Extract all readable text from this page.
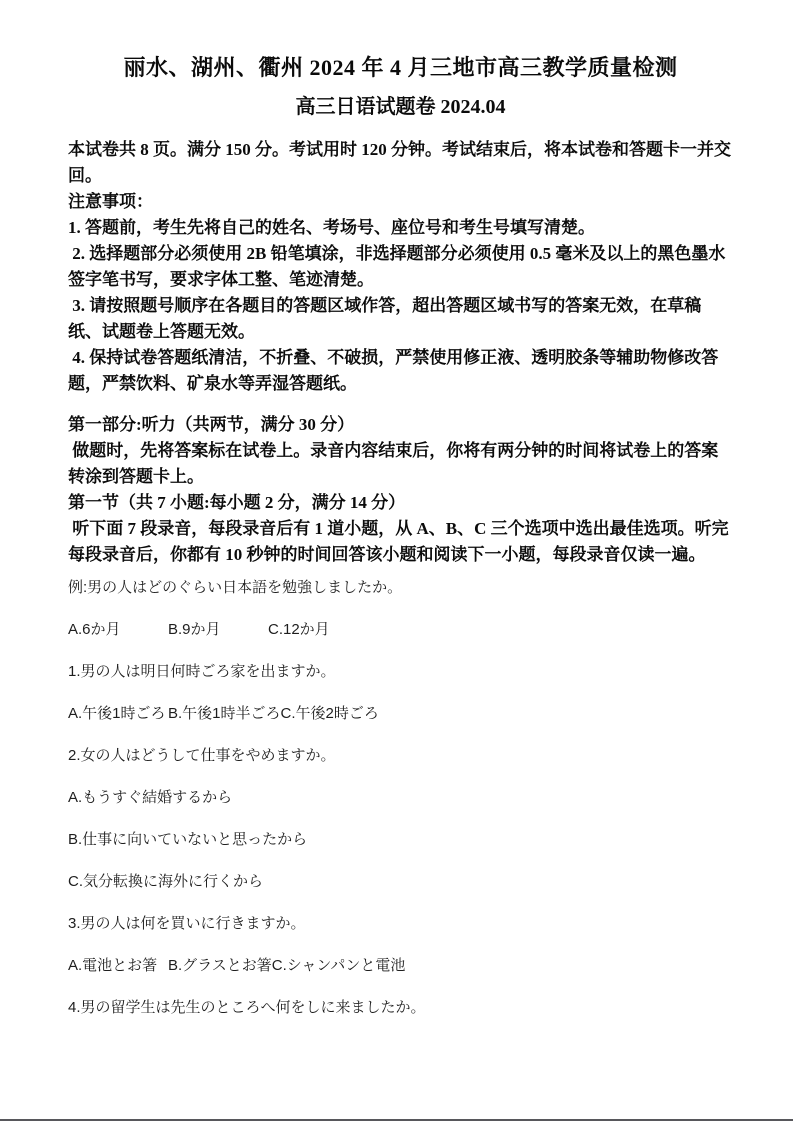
丽水、湖州、衢州 2024 年 4 月三地市高三教学质量检测
高三日语试题卷 2024.04

本试卷共 8 页。满分 150 分。考试用时 120 分钟。考试结束后，将本试卷和答题卡一并交回。

注意事项：

1. 答题前，考生先将自己的姓名、考场号、座位号和考生号填写清楚。

2. 选择题部分必须使用 2B 铅笔填涂，非选择题部分必须使用 0.5 毫米及以上的黑色墨水签字笔书写，要求字体工整、笔迹清楚。

3. 请按照题号顺序在各题目的答题区域作答，超出答题区域书写的答案无效，在草稿纸、试题卷上答题无效。

4. 保持试卷答题纸清洁，不折叠、不破损，严禁使用修正液、透明胶条等辅助物修改答题，严禁饮料、矿泉水等弄湿答题纸。

第一部分:听力（共两节，满分 30 分）

做题时，先将答案标在试卷上。录音内容结束后，你将有两分钟的时间将试卷上的答案转涂到答题卡上。

第一节（共 7 小题:每小题 2 分，满分 14 分）

听下面 7 段录音，每段录音后有 1 道小题，从 A、B、C 三个选项中选出最佳选项。听完每段录音后，你都有 10 秒钟的时间回答该小题和阅读下一小题，每段录音仅读一遍。

例:男の人はどのぐらい日本語を勉強しましたか。

A.6か月	B.9か月	C.12か月

1.男の人は明日何時ごろ家を出ますか。

A.午後1時ごろ B.午後1時半ごろC.午後2時ごろ

2.女の人はどうして仕事をやめますか。

A.もうすぐ結婚するから

B.仕事に向いていないと思ったから

C.気分転換に海外に行くから

3.男の人は何を買いに行きますか。

A.電池とお箸 B.グラスとお箸C.シャンパンと電池

4.男の留学生は先生のところへ何をしに来ましたか。
